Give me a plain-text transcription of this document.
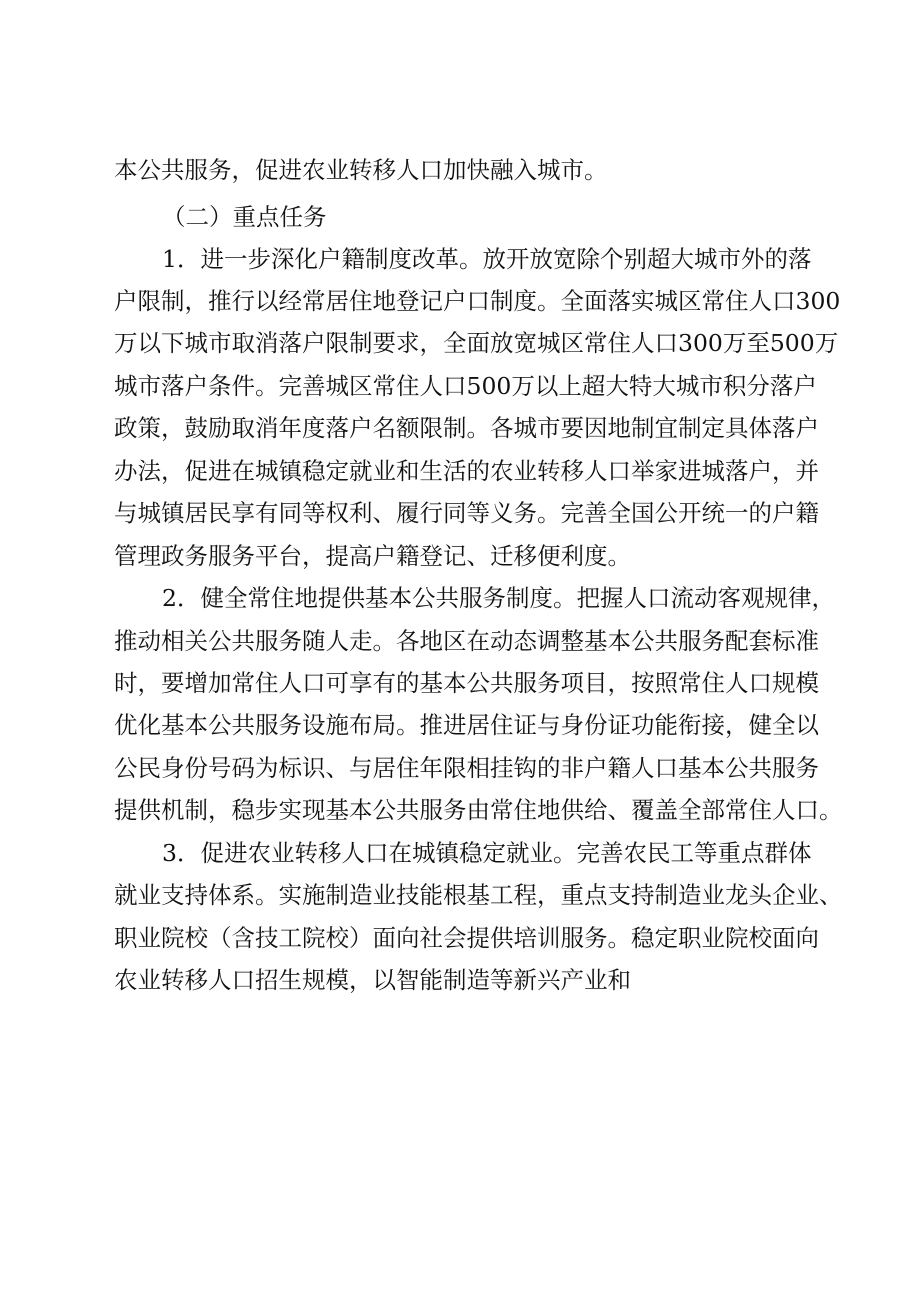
本公共服务，促进农业转移人口加快融入城市。
（二）重点任务
1．进一步深化户籍制度改革。放开放宽除个别超大城市外的落
户限制，推行以经常居住地登记户口制度。全面落实城区常住人口300
万以下城市取消落户限制要求，全面放宽城区常住人口300万至500万
城市落户条件。完善城区常住人口500万以上超大特大城市积分落户
政策，鼓励取消年度落户名额限制。各城市要因地制宜制定具体落户
办法，促进在城镇稳定就业和生活的农业转移人口举家进城落户，并
与城镇居民享有同等权利、履行同等义务。完善全国公开统一的户籍
管理政务服务平台，提高户籍登记、迁移便利度。
2．健全常住地提供基本公共服务制度。把握人口流动客观规律，
推动相关公共服务随人走。各地区在动态调整基本公共服务配套标准
时，要增加常住人口可享有的基本公共服务项目，按照常住人口规模
优化基本公共服务设施布局。推进居住证与身份证功能衔接，健全以
公民身份号码为标识、与居住年限相挂钩的非户籍人口基本公共服务
提供机制，稳步实现基本公共服务由常住地供给、覆盖全部常住人口。
3．促进农业转移人口在城镇稳定就业。完善农民工等重点群体
就业支持体系。实施制造业技能根基工程，重点支持制造业龙头企业、
职业院校（含技工院校）面向社会提供培训服务。稳定职业院校面向
农业转移人口招生规模，以智能制造等新兴产业和
